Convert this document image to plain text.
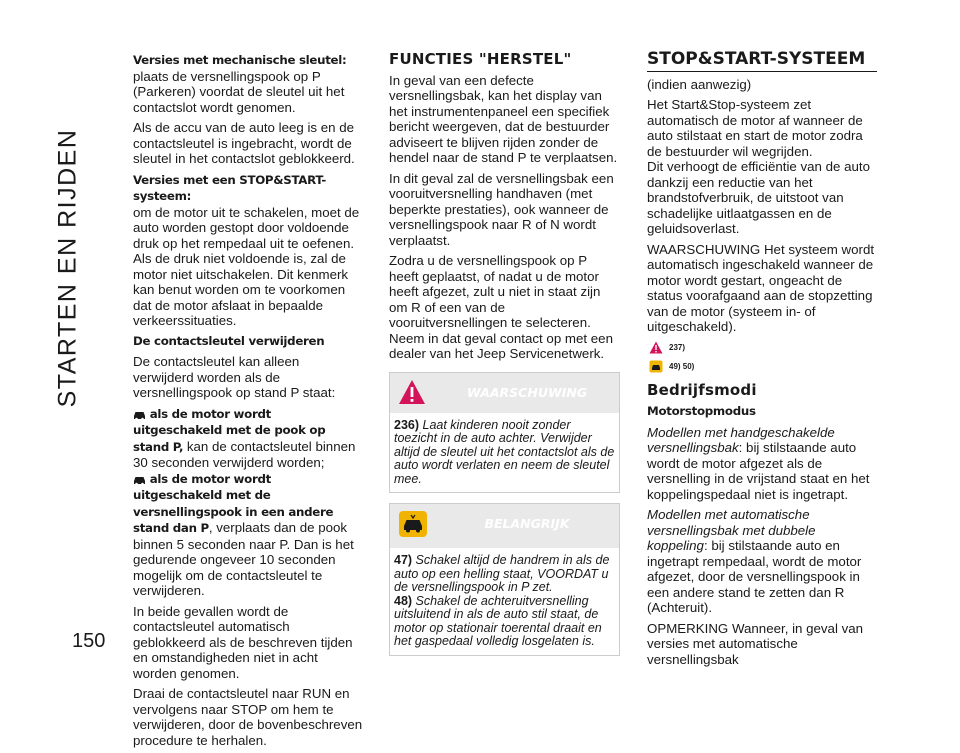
STARTEN EN RIJDEN
150

Versies met mechanische sleutel:
plaats de versnellingspook op P (Parkeren) voordat de sleutel uit het contactslot wordt genomen.

Als de accu van de auto leeg is en de contactsleutel is ingebracht, wordt de sleutel in het contactslot geblokkeerd.

Versies met een STOP&START-systeem:
om de motor uit te schakelen, moet de auto worden gestopt door voldoende druk op het rempedaal uit te oefenen. Als de druk niet voldoende is, zal de motor niet uitschakelen. Dit kenmerk kan benut worden om te voorkomen dat de motor afslaat in bepaalde verkeerssituaties.

De contactsleutel verwijderen

De contactsleutel kan alleen verwijderd worden als de versnellingspook op stand P staat:

als de motor wordt uitgeschakeld met de pook op stand P, kan de contactsleutel binnen 30 seconden verwijderd worden;

als de motor wordt uitgeschakeld met de versnellingspook in een andere stand dan P, verplaats dan de pook binnen 5 seconden naar P. Dan is het gedurende ongeveer 10 seconden mogelijk om de contactsleutel te verwijderen.

In beide gevallen wordt de contactsleutel automatisch geblokkeerd als de beschreven tijden en omstandigheden niet in acht worden genomen.

Draai de contactsleutel naar RUN en vervolgens naar STOP om hem te verwijderen, door de bovenbeschreven procedure te herhalen.

FUNCTIES "HERSTEL"

In geval van een defecte versnellingsbak, kan het display van het instrumentenpaneel een specifiek bericht weergeven, dat de bestuurder adviseert te blijven rijden zonder de hendel naar de stand P te verplaatsen.

In dit geval zal de versnellingsbak een vooruitversnelling handhaven (met beperkte prestaties), ook wanneer de versnellingspook naar R of N wordt verplaatst.

Zodra u de versnellingspook op P heeft geplaatst, of nadat u de motor heeft afgezet, zult u niet in staat zijn om R of een van de vooruitversnellingen te selecteren. Neem in dat geval contact op met een dealer van het Jeep Servicenetwerk.

WAARSCHUWING
236) Laat kinderen nooit zonder toezicht in de auto achter. Verwijder altijd de sleutel uit het contactslot als de auto wordt verlaten en neem de sleutel mee.
BELANGRIJK
47) Schakel altijd de handrem in als de auto op een helling staat, VOORDAT u de versnellingspook in P zet.
48) Schakel de achteruitversnelling uitsluitend in als de auto stil staat, de motor op stationair toerental draait en het gaspedaal volledig losgelaten is.

STOP&START-SYSTEEM

(indien aanwezig)

Het Start&Stop-systeem zet automatisch de motor af wanneer de auto stilstaat en start de motor zodra de bestuurder wil wegrijden.

Dit verhoogt de efficiëntie van de auto dankzij een reductie van het brandstofverbruik, de uitstoot van schadelijke uitlaatgassen en de geluidsoverlast.

WAARSCHUWING Het systeem wordt automatisch ingeschakeld wanneer de motor wordt gestart, ongeacht de status voorafgaand aan de stopzetting van de motor (systeem in- of uitgeschakeld).

237)
49) 50)

Bedrijfsmodi

Motorstopmodus

Modellen met handgeschakelde versnellingsbak: bij stilstaande auto wordt de motor afgezet als de versnelling in de vrijstand staat en het koppelingspedaal niet is ingetrapt.

Modellen met automatische versnellingsbak met dubbele koppeling: bij stilstaande auto en ingetrapt rempedaal, wordt de motor afgezet, door de versnellingspook in een andere stand te zetten dan R (Achteruit).

OPMERKING Wanneer, in geval van versies met automatische versnellingsbak
